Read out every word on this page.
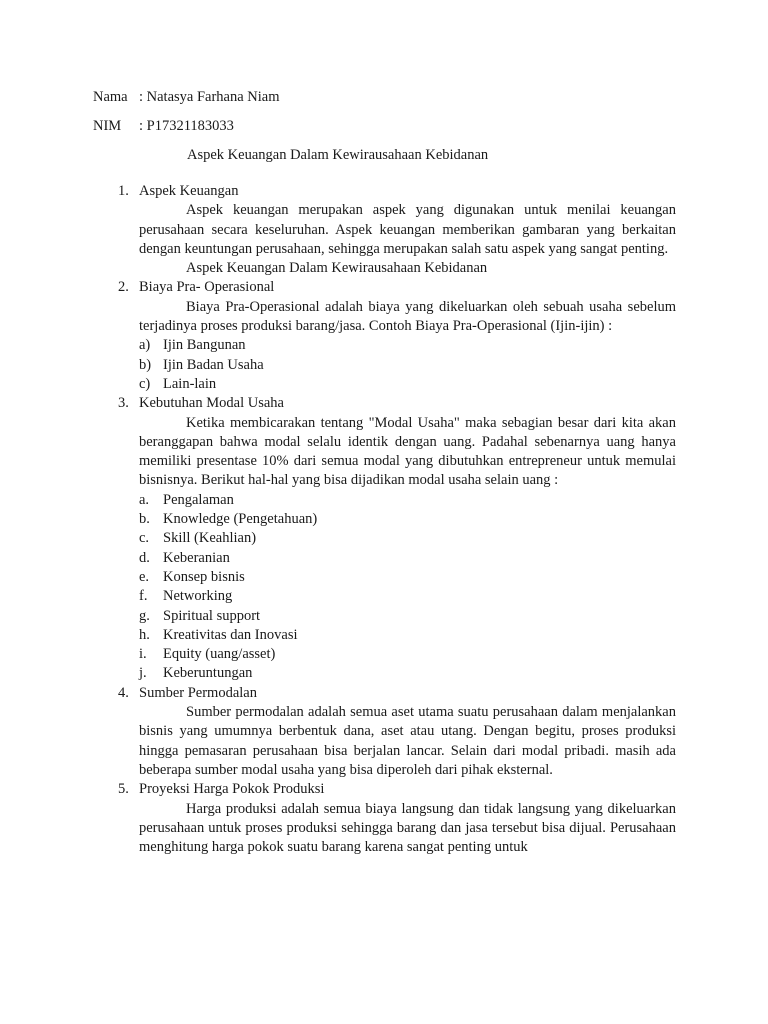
Nama : Natasya Farhana Niam
NIM : P17321183033
Aspek Keuangan Dalam Kewirausahaan Kebidanan
1. Aspek Keuangan
Aspek keuangan merupakan aspek yang digunakan untuk menilai keuangan perusahaan secara keseluruhan. Aspek keuangan memberikan gambaran yang berkaitan dengan keuntungan perusahaan, sehingga merupakan salah satu aspek yang sangat penting.
Aspek Keuangan Dalam Kewirausahaan Kebidanan
2. Biaya Pra- Operasional
Biaya Pra-Operasional adalah biaya yang dikeluarkan oleh sebuah usaha sebelum terjadinya proses produksi barang/jasa. Contoh Biaya Pra-Operasional (Ijin-ijin) :
a) Ijin Bangunan
b) Ijin Badan Usaha
c) Lain-lain
3. Kebutuhan Modal Usaha
Ketika membicarakan tentang "Modal Usaha" maka sebagian besar dari kita akan beranggapan bahwa modal selalu identik dengan uang. Padahal sebenarnya uang hanya memiliki presentase 10% dari semua modal yang dibutuhkan entrepreneur untuk memulai bisnisnya. Berikut hal-hal yang bisa dijadikan modal usaha selain uang :
a. Pengalaman
b. Knowledge (Pengetahuan)
c. Skill (Keahlian)
d. Keberanian
e. Konsep bisnis
f. Networking
g. Spiritual support
h. Kreativitas dan Inovasi
i. Equity (uang/asset)
j. Keberuntungan
4. Sumber Permodalan
Sumber permodalan adalah semua aset utama suatu perusahaan dalam menjalankan bisnis yang umumnya berbentuk dana, aset atau utang. Dengan begitu, proses produksi hingga pemasaran perusahaan bisa berjalan lancar. Selain dari modal pribadi. masih ada beberapa sumber modal usaha yang bisa diperoleh dari pihak eksternal.
5. Proyeksi Harga Pokok Produksi
Harga produksi adalah semua biaya langsung dan tidak langsung yang dikeluarkan perusahaan untuk proses produksi sehingga barang dan jasa tersebut bisa dijual. Perusahaan menghitung harga pokok suatu barang karena sangat penting untuk
